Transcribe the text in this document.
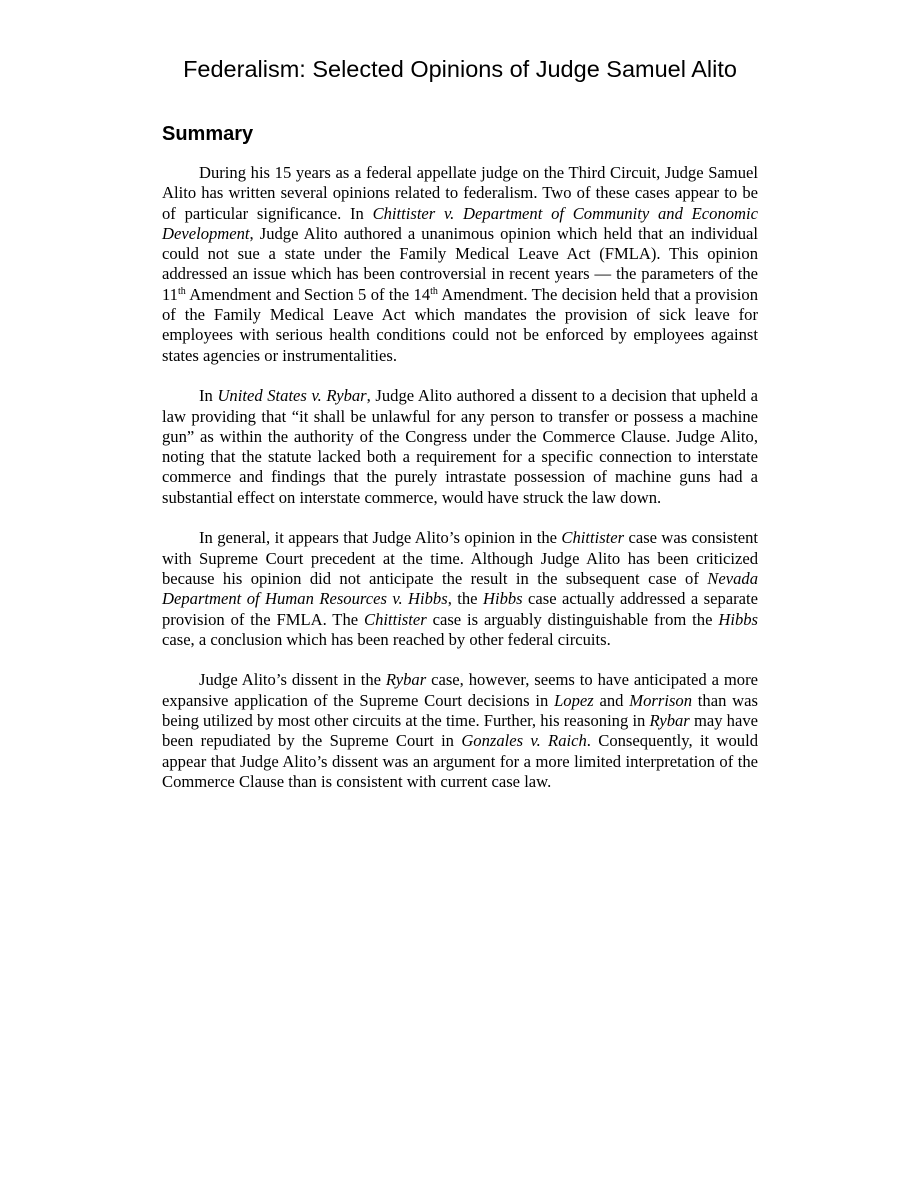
Federalism: Selected Opinions of Judge Samuel Alito
Summary

During his 15 years as a federal appellate judge on the Third Circuit, Judge Samuel Alito has written several opinions related to federalism. Two of these cases appear to be of particular significance. In Chittister v. Department of Community and Economic Development, Judge Alito authored a unanimous opinion which held that an individual could not sue a state under the Family Medical Leave Act (FMLA). This opinion addressed an issue which has been controversial in recent years — the parameters of the 11th Amendment and Section 5 of the 14th Amendment. The decision held that a provision of the Family Medical Leave Act which mandates the provision of sick leave for employees with serious health conditions could not be enforced by employees against states agencies or instrumentalities.

In United States v. Rybar, Judge Alito authored a dissent to a decision that upheld a law providing that “it shall be unlawful for any person to transfer or possess a machine gun” as within the authority of the Congress under the Commerce Clause. Judge Alito, noting that the statute lacked both a requirement for a specific connection to interstate commerce and findings that the purely intrastate possession of machine guns had a substantial effect on interstate commerce, would have struck the law down.

In general, it appears that Judge Alito’s opinion in the Chittister case was consistent with Supreme Court precedent at the time. Although Judge Alito has been criticized because his opinion did not anticipate the result in the subsequent case of Nevada Department of Human Resources v. Hibbs, the Hibbs case actually addressed a separate provision of the FMLA. The Chittister case is arguably distinguishable from the Hibbs case, a conclusion which has been reached by other federal circuits.

Judge Alito’s dissent in the Rybar case, however, seems to have anticipated a more expansive application of the Supreme Court decisions in Lopez and Morrison than was being utilized by most other circuits at the time. Further, his reasoning in Rybar may have been repudiated by the Supreme Court in Gonzales v. Raich. Consequently, it would appear that Judge Alito’s dissent was an argument for a more limited interpretation of the Commerce Clause than is consistent with current case law.
